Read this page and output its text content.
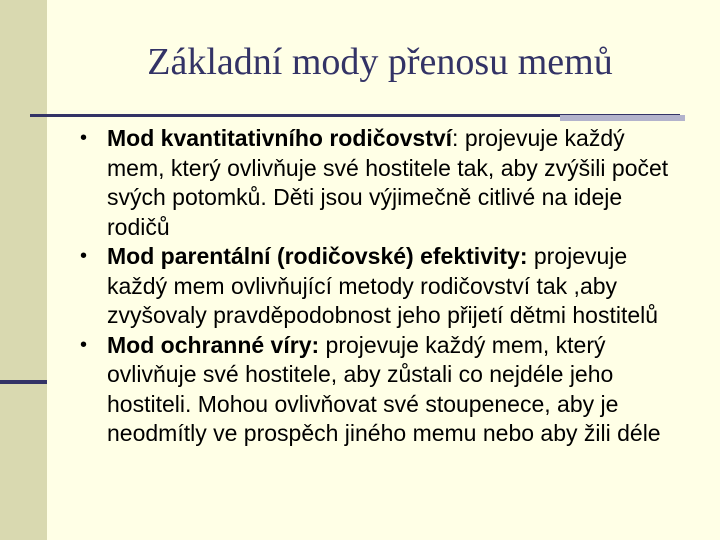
Základní mody přenosu memů
• Mod kvantitativního rodičovství: projevuje každý mem, který ovlivňuje své hostitele tak, aby zvýšili počet svých potomků. Děti jsou výjimečně citlivé na ideje rodičů
• Mod parentální (rodičovské) efektivity: projevuje každý mem ovlivňující metody rodičovství tak ,aby zvyšovaly pravděpodobnost jeho přijetí dětmi hostitelů
• Mod ochranné víry: projevuje každý mem, který ovlivňuje své hostitele, aby zůstali co nejdéle jeho hostiteli. Mohou ovlivňovat své stoupenece, aby je neodmítly ve prospěch jiného memu nebo aby žili déle
